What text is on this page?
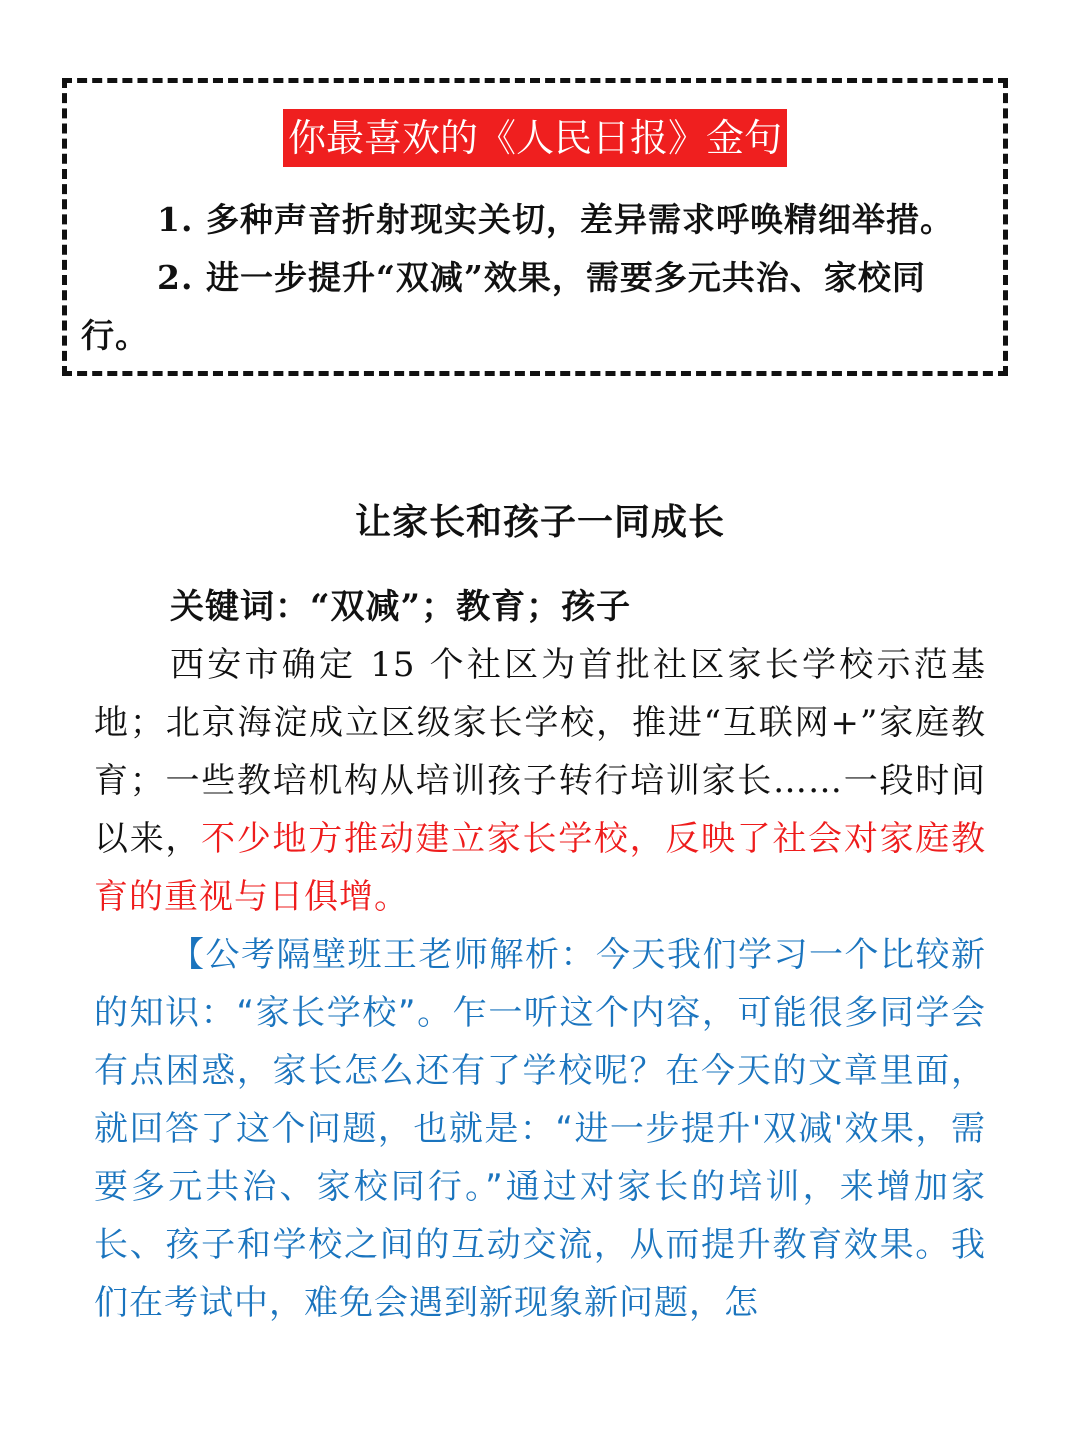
你最喜欢的《人民日报》金句
1. 多种声音折射现实关切，差异需求呼唤精细举措。
2. 进一步提升“双减”效果，需要多元共治、家校同行。
让家长和孩子一同成长

关键词：“双减”；教育；孩子

西安市确定 15 个社区为首批社区家长学校示范基地；北京海淀成立区级家长学校，推进“互联网+”家庭教育；一些教培机构从培训孩子转行培训家长……一段时间以来，不少地方推动建立家长学校，反映了社会对家庭教育的重视与日俱增。

【公考隔壁班王老师解析：今天我们学习一个比较新的知识：“家长学校”。乍一听这个内容，可能很多同学会有点困惑，家长怎么还有了学校呢？在今天的文章里面，就回答了这个问题，也就是：“进一步提升'双减'效果，需要多元共治、家校同行。”通过对家长的培训，来增加家长、孩子和学校之间的互动交流，从而提升教育效果。我们在考试中，难免会遇到新现象新问题，怎
